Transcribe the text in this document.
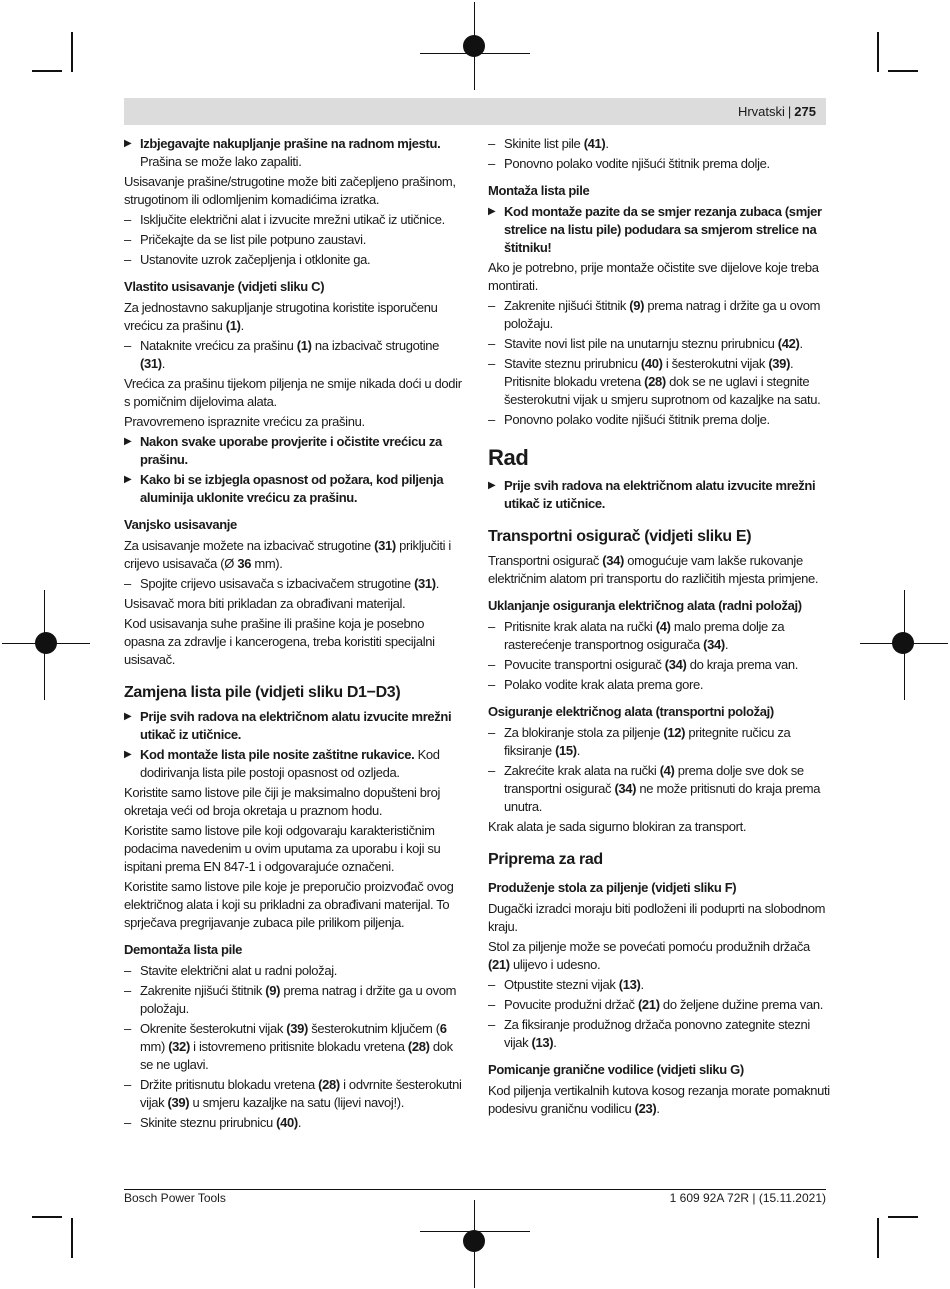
Hrvatski | 275
▶ Izbjegavajte nakupljanje prašine na radnom mjestu.
Prašina se može lako zapaliti.

Usisavanje prašine/strugotine može biti začepljeno prašinom, strugotinom ili odlomljenim komadićima izratka.

– Isključite električni alat i izvucite mrežni utikač iz utičnice.
– Pričekajte da se list pile potpuno zaustavi.
– Ustanovite uzrok začepljenja i otklonite ga.
Vlastito usisavanje (vidjeti sliku C)

Za jednostavno sakupljanje strugotina koristite isporučenu vrećicu za prašinu (1).

– Nataknite vrećicu za prašinu (1) na izbacivač strugotine (31).

Vrećica za prašinu tijekom piljenja ne smije nikada doći u dodir s pomičnim dijelovima alata.

Pravovremeno ispraznite vrećicu za prašinu.

▶ Nakon svake uporabe provjerite i očistite vrećicu za prašinu.
▶ Kako bi se izbjegla opasnost od požara, kod piljenja aluminija uklonite vrećicu za prašinu.
Vanjsko usisavanje

Za usisavanje možete na izbacivač strugotine (31) priključiti i crijevo usisavača (Ø 36 mm).

– Spojite crijevo usisavača s izbacivačem strugotine (31).

Usisavač mora biti prikladan za obrađivani materijal.

Kod usisavanja suhe prašine ili prašine koja je posebno opasna za zdravlje i kancerogena, treba koristiti specijalni usisavač.

Zamjena lista pile (vidjeti sliku D1−D3)
▶ Prije svih radova na električnom alatu izvucite mrežni utikač iz utičnice.
▶ Kod montaže lista pile nosite zaštitne rukavice. Kod dodirivanja lista pile postoji opasnost od ozljeda.

Koristite samo listove pile čiji je maksimalno dopušteni broj okretaja veći od broja okretaja u praznom hodu.

Koristite samo listove pile koji odgovaraju karakterističnim podacima navedenim u ovim uputama za uporabu i koji su ispitani prema EN 847-1 i odgovarajuće označeni.

Koristite samo listove pile koje je preporučio proizvođač ovog električnog alata i koji su prikladni za obrađivani materijal. To sprječava pregrijavanje zubaca pile prilikom piljenja.

Demontaža lista pile
– Stavite električni alat u radni položaj.
– Zakrenite njišući štitnik (9) prema natrag i držite ga u ovom položaju.
– Okrenite šesterokutni vijak (39) šesterokutnim ključem (6 mm) (32) i istovremeno pritisnite blokadu vretena (28) dok se ne uglavi.
– Držite pritisnutu blokadu vretena (28) i odvrnite šesterokutni vijak (39) u smjeru kazaljke na satu (lijevi navoj!).
– Skinite steznu prirubnicu (40).
– Skinite list pile (41).
– Ponovno polako vodite njišući štitnik prema dolje.
Montaža lista pile
▶ Kod montaže pazite da se smjer rezanja zubaca (smjer strelice na listu pile) podudara sa smjerom strelice na štitniku!

Ako je potrebno, prije montaže očistite sve dijelove koje treba montirati.

– Zakrenite njišući štitnik (9) prema natrag i držite ga u ovom položaju.
– Stavite novi list pile na unutarnju steznu prirubnicu (42).
– Stavite steznu prirubnicu (40) i šesterokutni vijak (39). Pritisnite blokadu vretena (28) dok se ne uglavi i stegnite šesterokutni vijak u smjeru suprotnom od kazaljke na satu.
– Ponovno polako vodite njišući štitnik prema dolje.
Rad
▶ Prije svih radova na električnom alatu izvucite mrežni utikač iz utičnice.
Transportni osigurač (vidjeti sliku E)

Transportni osigurač (34) omogućuje vam lakše rukovanje električnim alatom pri transportu do različitih mjesta primjene.

Uklanjanje osiguranja električnog alata (radni položaj)
– Pritisnite krak alata na ručki (4) malo prema dolje za rasterećenje transportnog osigurača (34).
– Povucite transportni osigurač (34) do kraja prema van.
– Polako vodite krak alata prema gore.
Osiguranje električnog alata (transportni položaj)
– Za blokiranje stola za piljenje (12) pritegnite ručicu za fiksiranje (15).
– Zakrećite krak alata na ručki (4) prema dolje sve dok se transportni osigurač (34) ne može pritisnuti do kraja prema unutra.

Krak alata je sada sigurno blokiran za transport.

Priprema za rad
Produženje stola za piljenje (vidjeti sliku F)

Dugački izradci moraju biti podloženi ili poduprti na slobodnom kraju.

Stol za piljenje može se povećati pomoću produžnih držača (21) ulijevo i udesno.

– Otpustite stezni vijak (13).
– Povucite produžni držač (21) do željene dužine prema van.
– Za fiksiranje produžnog držača ponovno zategnite stezni vijak (13).
Pomicanje granične vodilice (vidjeti sliku G)

Kod piljenja vertikalnih kutova kosog rezanja morate pomaknuti podesivu graničnu vodilicu (23).

Bosch Power Tools	1 609 92A 72R | (15.11.2021)
